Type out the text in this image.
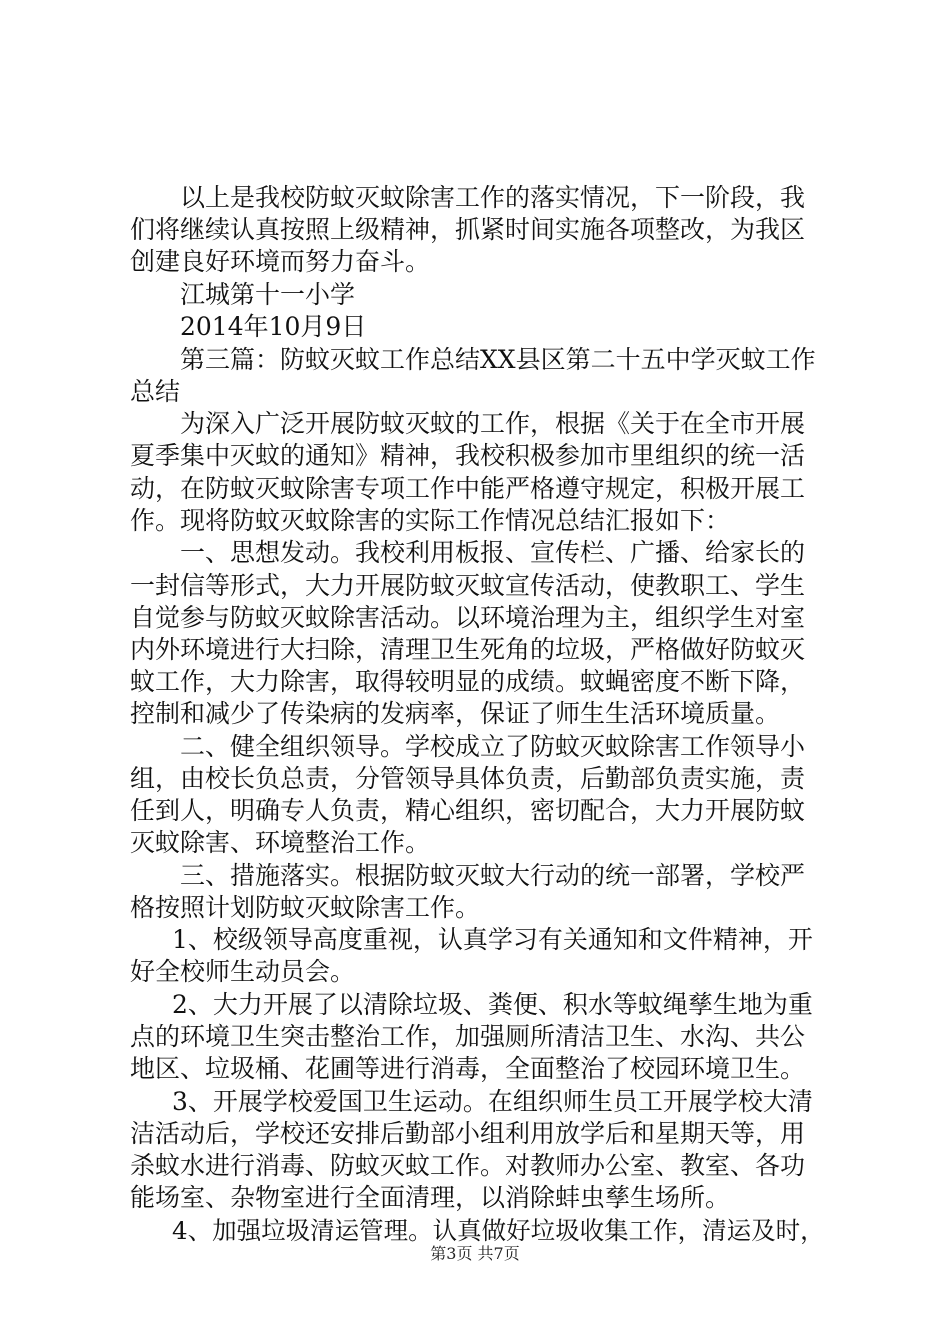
以上是我校防蚊灭蚊除害工作的落实情况，下一阶段，我
们将继续认真按照上级精神，抓紧时间实施各项整改，为我区
创建良好环境而努力奋斗。
江城第十一小学
2014年10月9日
第三篇：防蚊灭蚊工作总结XX县区第二十五中学灭蚊工作
总结
为深入广泛开展防蚊灭蚊的工作，根据《关于在全市开展
夏季集中灭蚊的通知》精神，我校积极参加市里组织的统一活
动，在防蚊灭蚊除害专项工作中能严格遵守规定，积极开展工
作。现将防蚊灭蚊除害的实际工作情况总结汇报如下：
一、思想发动。我校利用板报、宣传栏、广播、给家长的
一封信等形式，大力开展防蚊灭蚊宣传活动，使教职工、学生
自觉参与防蚊灭蚊除害活动。以环境治理为主，组织学生对室
内外环境进行大扫除，清理卫生死角的垃圾，严格做好防蚊灭
蚊工作，大力除害，取得较明显的成绩。蚊蝇密度不断下降，
控制和减少了传染病的发病率，保证了师生生活环境质量。
二、健全组织领导。学校成立了防蚊灭蚊除害工作领导小
组，由校长负总责，分管领导具体负责，后勤部负责实施，责
任到人，明确专人负责，精心组织，密切配合，大力开展防蚊
灭蚊除害、环境整治工作。
三、措施落实。根据防蚊灭蚊大行动的统一部署，学校严
格按照计划防蚊灭蚊除害工作。
1、校级领导高度重视，认真学习有关通知和文件精神，开
好全校师生动员会。
2、大力开展了以清除垃圾、粪便、积水等蚊绳孳生地为重
点的环境卫生突击整治工作，加强厕所清洁卫生、水沟、共公
地区、垃圾桶、花圃等进行消毒，全面整治了校园环境卫生。
3、开展学校爱国卫生运动。在组织师生员工开展学校大清
洁活动后，学校还安排后勤部小组利用放学后和星期天等，用
杀蚊水进行消毒、防蚊灭蚊工作。对教师办公室、教室、各功
能场室、杂物室进行全面清理，以消除蚌虫孳生场所。
4、加强垃圾清运管理。认真做好垃圾收集工作，清运及时，
第3页 共7页
